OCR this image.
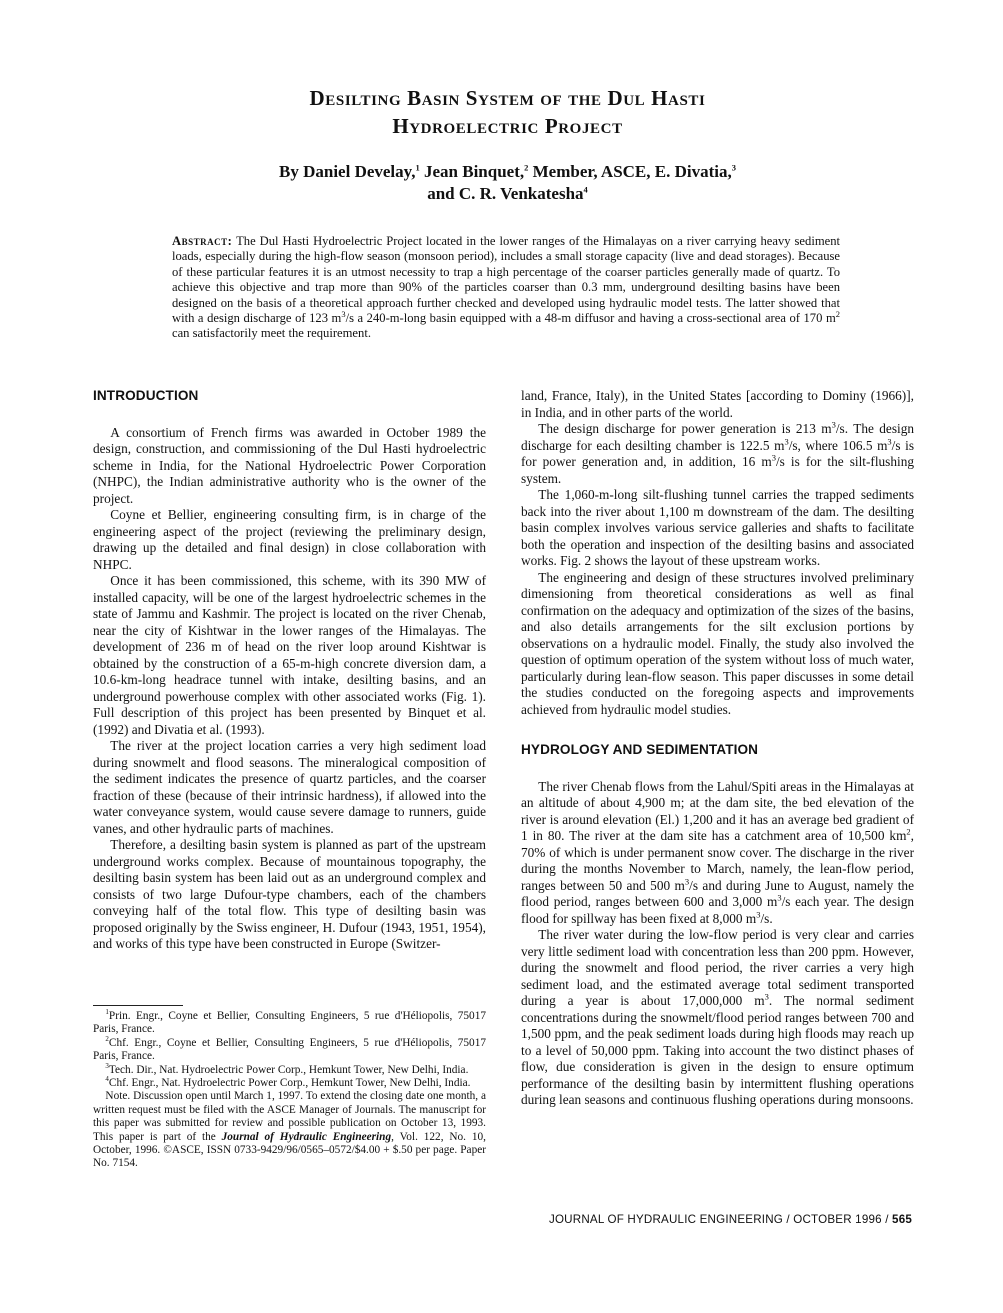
Desilting Basin System of the Dul Hasti
Hydroelectric Project
By Daniel Develay,$^1$ Jean Binquet,$^2$ Member, ASCE, E. Divatia,$^3$
and C. R. Venkatesha$^4$
Abstract: The Dul Hasti Hydroelectric Project located in the lower ranges of the Himalayas on a river carrying heavy sediment loads, especially during the high-flow season (monsoon period), includes a small storage capacity (live and dead storages). Because of these particular features it is an utmost necessity to trap a high percentage of the coarser particles generally made of quartz. To achieve this objective and trap more than 90% of the particles coarser than 0.3 mm, underground desilting basins have been designed on the basis of a theoretical approach further checked and developed using hydraulic model tests. The latter showed that with a design discharge of 123 $m^3/s$ a 240-m-long basin equipped with a 48-m diffusor and having a cross-sectional area of 170 $m^2$ can satisfactorily meet the requirement.
INTRODUCTION

A consortium of French firms was awarded in October 1989 the design, construction, and commissioning of the Dul Hasti hydroelectric scheme in India, for the National Hydroelectric Power Corporation (NHPC), the Indian administrative authority who is the owner of the project.

Coyne et Bellier, engineering consulting firm, is in charge of the engineering aspect of the project (reviewing the preliminary design, drawing up the detailed and final design) in close collaboration with NHPC.

Once it has been commissioned, this scheme, with its 390 MW of installed capacity, will be one of the largest hydroelectric schemes in the state of Jammu and Kashmir. The project is located on the river Chenab, near the city of Kishtwar in the lower ranges of the Himalayas. The development of 236 m of head on the river loop around Kishtwar is obtained by the construction of a 65-m-high concrete diversion dam, a 10.6-km-long headrace tunnel with intake, desilting basins, and an underground powerhouse complex with other associated works (Fig. 1). Full description of this project has been presented by Binquet et al. (1992) and Divatia et al. (1993).

The river at the project location carries a very high sediment load during snowmelt and flood seasons. The mineralogical composition of the sediment indicates the presence of quartz particles, and the coarser fraction of these (because of their intrinsic hardness), if allowed into the water conveyance system, would cause severe damage to runners, guide vanes, and other hydraulic parts of machines.

Therefore, a desilting basin system is planned as part of the upstream underground works complex. Because of mountainous topography, the desilting basin system has been laid out as an underground complex and consists of two large Dufour-type chambers, each of the chambers conveying half of the total flow. This type of desilting basin was proposed originally by the Swiss engineer, H. Dufour (1943, 1951, 1954), and works of this type have been constructed in Europe (Switzer-

$^1$Prin. Engr., Coyne et Bellier, Consulting Engineers, 5 rue d'Héliopolis, 75017 Paris, France.

$^2$Chf. Engr., Coyne et Bellier, Consulting Engineers, 5 rue d'Héliopolis, 75017 Paris, France.

$^3$Tech. Dir., Nat. Hydroelectric Power Corp., Hemkunt Tower, New Delhi, India.

$^4$Chf. Engr., Nat. Hydroelectric Power Corp., Hemkunt Tower, New Delhi, India.

Note. Discussion open until March 1, 1997. To extend the closing date one month, a written request must be filed with the ASCE Manager of Journals. The manuscript for this paper was submitted for review and possible publication on October 13, 1993. This paper is part of the Journal of Hydraulic Engineering, Vol. 122, No. 10, October, 1996. ©ASCE, ISSN 0733-9429/96/0565–0572/$4.00 + $.50 per page. Paper No. 7154.

land, France, Italy), in the United States [according to Dominy (1966)], in India, and in other parts of the world.

The design discharge for power generation is 213 $m^3/s$. The design discharge for each desilting chamber is 122.5 $m^3/s$, where 106.5 $m^3/s$ is for power generation and, in addition, 16 $m^3/s$ is for the silt-flushing system.

The 1,060-m-long silt-flushing tunnel carries the trapped sediments back into the river about 1,100 m downstream of the dam. The desilting basin complex involves various service galleries and shafts to facilitate both the operation and inspection of the desilting basins and associated works. Fig. 2 shows the layout of these upstream works.

The engineering and design of these structures involved preliminary dimensioning from theoretical considerations as well as final confirmation on the adequacy and optimization of the sizes of the basins, and also details arrangements for the silt exclusion portions by observations on a hydraulic model. Finally, the study also involved the question of optimum operation of the system without loss of much water, particularly during lean-flow season. This paper discusses in some detail the studies conducted on the foregoing aspects and improvements achieved from hydraulic model studies.

HYDROLOGY AND SEDIMENTATION

The river Chenab flows from the Lahul/Spiti areas in the Himalayas at an altitude of about 4,900 m; at the dam site, the bed elevation of the river is around elevation (El.) 1,200 and it has an average bed gradient of 1 in 80. The river at the dam site has a catchment area of 10,500 $km^2$, 70% of which is under permanent snow cover. The discharge in the river during the months November to March, namely, the lean-flow period, ranges between 50 and 500 $m^3/s$ and during June to August, namely the flood period, ranges between 600 and 3,000 $m^3/s$ each year. The design flood for spillway has been fixed at 8,000 $m^3/s$.

The river water during the low-flow period is very clear and carries very little sediment load with concentration less than 200 ppm. However, during the snowmelt and flood period, the river carries a very high sediment load, and the estimated average total sediment transported during a year is about 17,000,000 $m^3$. The normal sediment concentrations during the snowmelt/flood period ranges between 700 and 1,500 ppm, and the peak sediment loads during high floods may reach up to a level of 50,000 ppm. Taking into account the two distinct phases of flow, due consideration is given in the design to ensure optimum performance of the desilting basin by intermittent flushing operations during lean seasons and continuous flushing operations during monsoons.

JOURNAL OF HYDRAULIC ENGINEERING / OCTOBER 1996 / 565
